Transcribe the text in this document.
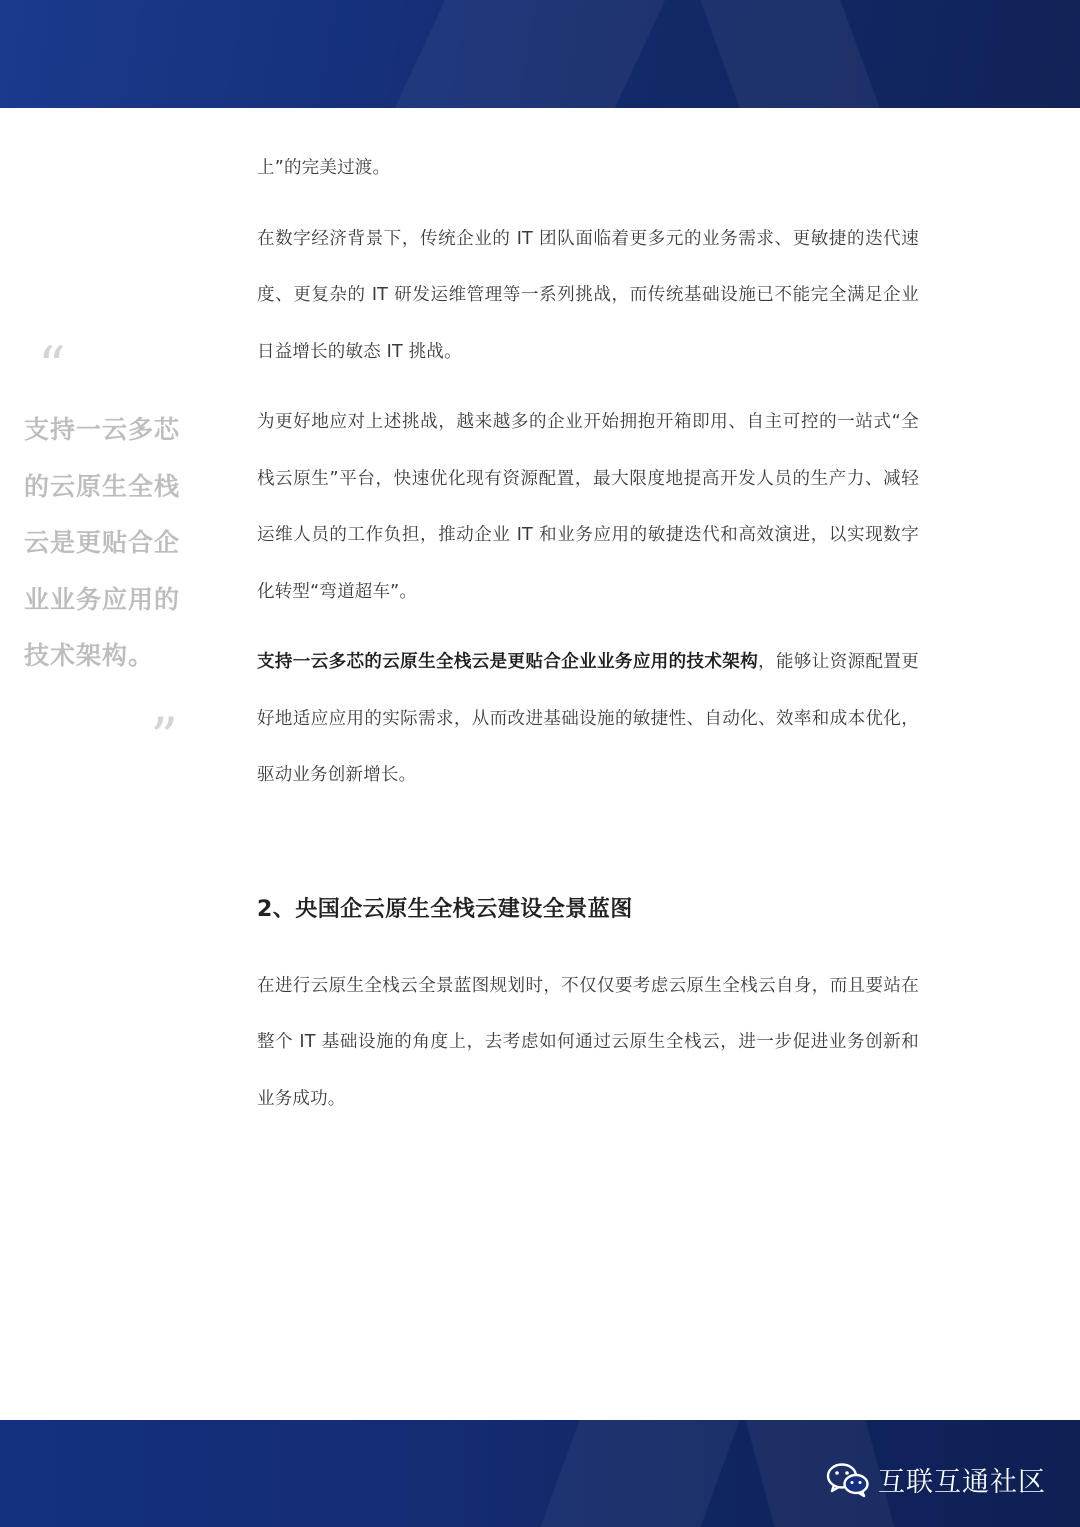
“
支持一云多芯的云原生全栈云是更贴合企业业务应用的技术架构。
”

上”的完美过渡。

在数字经济背景下，传统企业的 IT 团队面临着更多元的业务需求、更敏捷的迭代速度、更复杂的 IT 研发运维管理等一系列挑战，而传统基础设施已不能完全满足企业日益增长的敏态 IT 挑战。

为更好地应对上述挑战，越来越多的企业开始拥抱开箱即用、自主可控的一站式“全栈云原生”平台，快速优化现有资源配置，最大限度地提高开发人员的生产力、减轻运维人员的工作负担，推动企业 IT 和业务应用的敏捷迭代和高效演进，以实现数字化转型“弯道超车”。

支持一云多芯的云原生全栈云是更贴合企业业务应用的技术架构，能够让资源配置更好地适应应用的实际需求，从而改进基础设施的敏捷性、自动化、效率和成本优化，驱动业务创新增长。

2、央国企云原生全栈云建设全景蓝图

在进行云原生全栈云全景蓝图规划时，不仅仅要考虑云原生全栈云自身，而且要站在整个 IT 基础设施的角度上，去考虑如何通过云原生全栈云，进一步促进业务创新和业务成功。

互联互通社区
